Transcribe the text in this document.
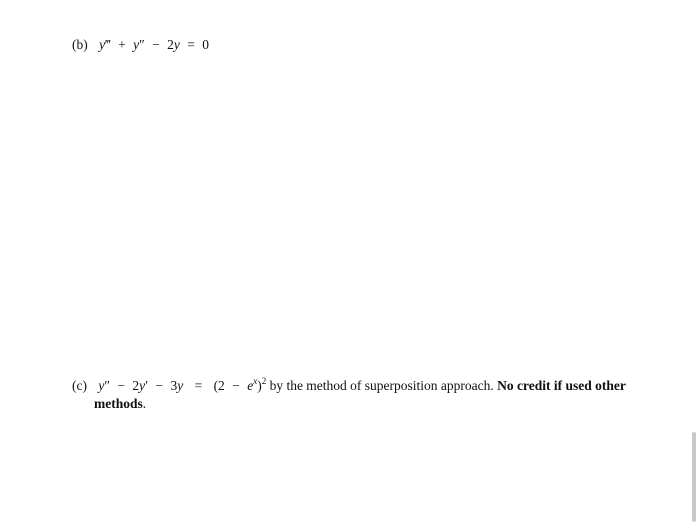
(b) y‴ + y″ − 2y = 0
(c) $y'' - 2y' - 3y = (2 - e^x)^2$ by the method of superposition approach. No credit if used other
methods.
